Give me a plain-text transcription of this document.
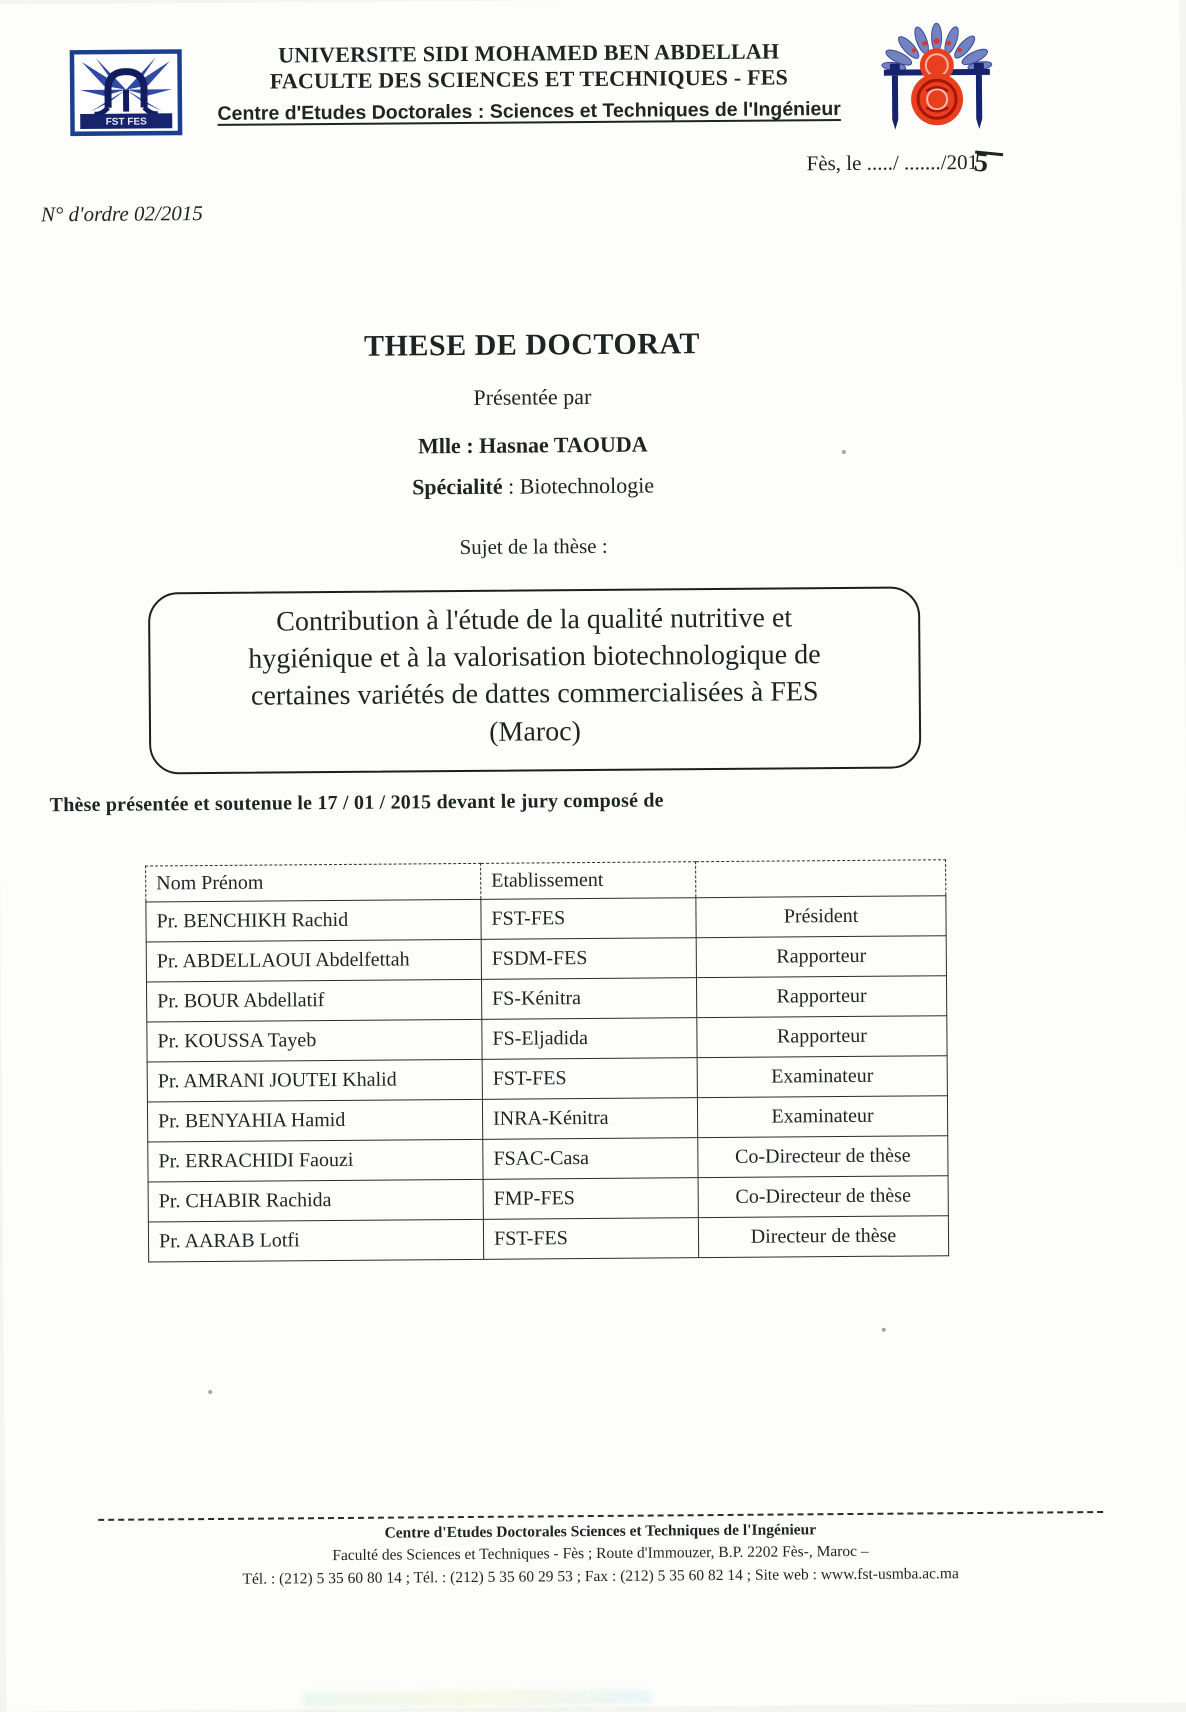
FST FES
UNIVERSITE SIDI MOHAMED BEN ABDELLAH
FACULTE DES SCIENCES ET TECHNIQUES - FES
Centre d'Etudes Doctorales : Sciences et Techniques de l'Ingénieur
Fès, le ...../ ......./2015
N° d'ordre 02/2015
THESE DE DOCTORAT
Présentée par
Mlle : Hasnae TAOUDA
Spécialité : Biotechnologie
Sujet de la thèse :
Contribution à l'étude de la qualité nutritive et
hygiénique et à la valorisation biotechnologique de
certaines variétés de dattes commercialisées à FES
(Maroc)
Thèse présentée et soutenue le 17 / 01 / 2015 devant le jury composé de
Nom Prénom	Etablissement	
Pr. BENCHIKH Rachid	FST-FES	Président
Pr. ABDELLAOUI Abdelfettah	FSDM-FES	Rapporteur
Pr. BOUR Abdellatif	FS-Kénitra	Rapporteur
Pr. KOUSSA Tayeb	FS-Eljadida	Rapporteur
Pr. AMRANI JOUTEI Khalid	FST-FES	Examinateur
Pr. BENYAHIA Hamid	INRA-Kénitra	Examinateur
Pr. ERRACHIDI Faouzi	FSAC-Casa	Co-Directeur de thèse
Pr. CHABIR Rachida	FMP-FES	Co-Directeur de thèse
Pr. AARAB Lotfi	FST-FES	Directeur de thèse
Centre d'Etudes Doctorales Sciences et Techniques de l'Ingénieur
Faculté des Sciences et Techniques - Fès ; Route d'Immouzer, B.P. 2202 Fès-, Maroc –
Tél. : (212) 5 35 60 80 14 ; Tél. : (212) 5 35 60 29 53 ; Fax : (212) 5 35 60 82 14 ; Site web : www.fst-usmba.ac.ma
